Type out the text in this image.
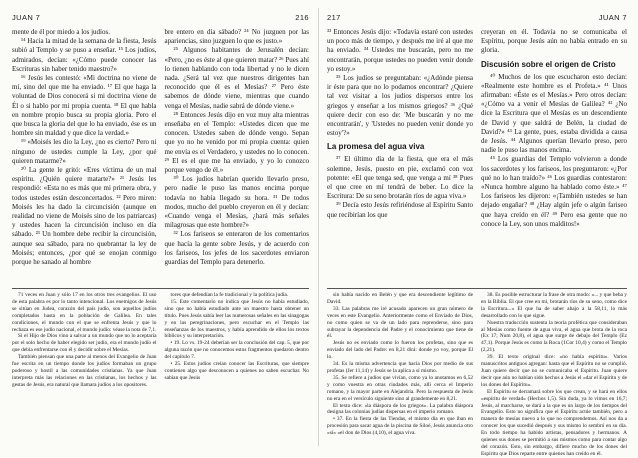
JUAN 7	216

mente de él por miedo a los judíos.

¹⁴ Hacia la mitad de la semana de la fiesta, Jesús subió al Templo y se puso a enseñar. ¹⁵ Los judíos, admirados, decían: «¿Cómo puede conocer las Escrituras sin haber tenido maestro?»

¹⁶ Jesús les contestó: «Mi doctrina no viene de mí, sino del que me ha enviado. ¹⁷ El que haga la voluntad de Dios conocerá si mi doctrina viene de Él o si hablo por mi propia cuenta. ¹⁸ El que habla en nombre propio busca su propia gloria. Pero el que busca la gloria del que lo ha enviado, ése es un hombre sin maldad y que dice la verdad.»

¹⁹ «Moisés les dio la Ley, ¿no es cierto? Pero ni ninguno de ustedes cumple la Ley, ¿por qué quieren matarme?»

²⁰ La gente le gritó: «Eres víctima de un mal espíritu. ¿Quién quiere matarte?» ²¹ Jesús les respondió: «Esta no es más que mi primera obra, y todos ustedes están desconcertados. ²² Pero miren: Moisés les ha dado la circuncisión (aunque en realidad no viene de Moisés sino de los patriarcas) y ustedes hacen la circuncisión incluso en día sábado. ²³ Un hombre debe recibir la circuncisión, aunque sea sábado, para no quebrantar la ley de Moisés; entonces, ¿por qué se enojan conmigo porque he sanado al hombre

bre entero en día sábado? ²⁴ No juzguen por las apariencias, sino juzguen lo que es justo.»

²⁵ Algunos habitantes de Jerusalén decían: «Pero, ¿no es éste al que quieren matar? ²⁶ Pues ahí lo tienen hablando con toda libertad y no le dicen nada. ¿Será tal vez que nuestros dirigentes han reconocido que él es el Mesías? ²⁷ Pero éste sabemos de dónde viene, mientras que cuando venga el Mesías, nadie sabrá de dónde viene.»

²⁸ Entonces Jesús dijo en voz muy alta mientras enseñaba en el Templo: «Ustedes dicen que me conocen. Ustedes saben de dónde vengo. Sepan que yo no he venido por mi propia cuenta: quien me envía es el Verdadero, y ustedes no lo conocen. ²⁹ El es el que me ha enviado, y yo lo conozco porque vengo de él.»

³⁰ Los judíos habrían querido llevarlo preso, pero nadie le puso las manos encima porque todavía no había llegado su hora. ³¹ De todos modos, mucho del pueblo creyeron en él y decían: «Cuando venga el Mesías, ¿hará más señales milagrosas que este hombre?»

³² Los fariseos se enteraron de los comentarios que hacía la gente sobre Jesús, y de acuerdo con los fariseos, los jefes de los sacerdotes enviaron guardias del Templo para detenerlo.

71 veces en Juan y sólo 17 en los otros tres evangelios. El uso de esta palabra es por lo tanto intencional. Los enemigos de Jesús se sitúan en Judea, corazón del país judío, son aquellos judíos completados hasta en la población de Galilea. En tales condiciones, el mundo con el que se enfrenta Jesús y que lo rechaza es ese judío nacional, el mundo judío: véase la nota de 7,1.

Si el Hijo de Dios vino a salvar a un mundo que no lo aceptaría por el solo hecho de haber elegido ser judío, era el mundo judío el que debía enfrentarse con él y decidir sobre el Mesías.

También piensan que una parte al menos del Evangelio de Juan fue escrita en un tiempo donde los judíos formaban un grupo poderoso y hostil a las comunidades cristianas. Ya que Juan interpreta más las relaciones en las cristianas, los hechos y las gestas de Jesús, era natural que llamara judíos a los opositores.

tores que defendían la fe tradicional y la política judía.

15. Este comentario no indica que Jesús no había estudiado, sino que no había estudiado ante un maestro hasta obtener un título. Pues Jesús sabía leer las numerosas señales en las sinagogas y en las peregrinaciones, pero escuchar en el Templo las enseñanzas de los maestros, y había aprendido de ellos los textos bíblicos y su interpretación.

• 19. Lo vs. 19-24 deberían ser la conclusión del cap. 5, que por alguna razón que no conocemos estos fragmentos quedaron dentro del capítulo 7.

• 25. Estos judíos creían conocer las Escrituras, que siempre contienen algo que desconocen a quienes no saben escuchar. No sabían que Jesús

217	JUAN 7

³³ Entonces Jesús dijo: «Todavía estaré con ustedes un poco más de tiempo, y después me iré al que me ha enviado. ³⁴ Ustedes me buscarán, pero no me encontrarán, porque ustedes no pueden venir donde yo estoy.»

³⁵ Los judíos se preguntaban: «¿Adónde piensa ir éste para que no lo podamos encontrar? ¿Quiere tal vez visitar a los judíos dispersos entre los griegos y enseñar a los mismos griegos? ³⁶ ¿Qué quiere decir con eso de: 'Me buscarán y no me encontrarán', y 'Ustedes no pueden venir donde yo estoy'?»

La promesa del agua viva

³⁷ El último día de la fiesta, que era el más solemne, Jesús, puesto en pie, exclamó con voz potente: «El que tenga sed, que venga a mí ³⁸ Pues el que cree en mí tendrá de beber. Lo dice la Escritura: De su seno brotarán ríos de agua viva.»

³⁹ Decía esto Jesús refiriéndose al Espíritu Santo que recibirían los que

creyeran en él. Todavía no se comunicaba el Espíritu, porque Jesús aún no había entrado en su gloria.

Discusión sobre el origen de Cristo

⁴⁰ Muchos de los que escucharon esto decían: «Realmente este hombre es el Profeta.» ⁴¹ Unos afirmaban: «Éste es el Mesías.» Pero otros decían: «¿Cómo va a venir el Mesías de Galilea? ⁴² ¿No dice la Escritura que el Mesías es un descendiente de David y que saldrá de Belén, la ciudad de David?» ⁴³ La gente, pues, estaba dividida a causa de Jesús. ⁴⁴ Algunos querían llevarlo preso, pero nadie le puso las manos encima.

⁴⁵ Los guardias del Templo volvieron a donde los sacerdotes y los fariseos, los preguntaron: «¿Por qué no lo han traído?» ⁴⁶ Los guardias contestaron: «Nunca hombre alguno ha hablado como éste.» ⁴⁷ Los fariseos les dijeron: «¡También ustedes se han dejado engañar? ⁴⁸ ¿Hay algún jefe o algún fariseo que haya creído en él? ⁴⁹ Pero esa gente que no conoce la Ley, son unos malditos!»

sin había nacido en Belén y que era descendiente legítimo de David.

33. Las palabras me iré acusado aparecen un gran número de veces en este Evangelio. Anteriormente como el Enviado de Dios, no como quien se va de un lado para reprenderse, sino para subrayar la dependencia del Padre y el conocimiento que tiene de él.

Jesús no es enviado como lo fueron los profetas, sino que es enviado del lado del Padre: en 8,21 dirá: donde yo voy, porque El lo.

34. Es la misma advertencia que hacía Dios por medio de sus profetas (Jer 11,14) y Jesús se la aplica a sí mismo.

35. Se refiere a judíos que vivían, como ya lo anotamos en 6,52 y como vuestra en otras ciudades más, allí cerca el Imperio romano, y la mayor parte en Alejandría. Pero la respuesta de Jesús no era en el versículo siguiente sino al grandemente en 8,21.

El texto dice: «la diáspora de los griegos». La palabra diáspora designa las colonias judías dispersas en el imperio romano.

• 37. En la fiesta de las Tiendas, el mismo día en que iban en procesión para sacar agua de la piscina de Siloé, Jesús anuncia otro «sí» «el don de Dios (4,10), el agua viva.

38. Es posible estructurar la frase de otra modo: «... y que beba y en la Biblia. El que cree en mí, brotarán ríos de su seno, como dice la Escritura...» El que ha de saber abajo a la 58,11, lo más desarrollado con lo que sigue.

Nuestra traducción sustenta la teoría profética que consideraban al Mesías como fuente de agua viva, el agua que brota de la roca (Ex 17; Num 20,8), el agua que surge de debajo del Templo (Ez 47,1). Porque Jesús es como la Roca (1Cor 10,4) y como el Templo (2,21).

39. El texto original dice: «no había espíritu». Varios manuscritos antiguos agregan: hasta que el Espíritu no se cumplió. Juan quiere decir que no se comunicaba el Espíritu. Juan quiere decir que aún no habían sido hechos a Jesús el «dar el Espíritu y de los dones del Espíritu».

El Espíritu se derramará sobre los que crean, y se hará en ellos «espíritu de verdad» (Hechos 1,5). Sin duda, ya lo vimos en 16,7; Jesús, al marcharse, se dará a la que es un largo de los tiempos del Evangelio. Esto no significa que el Espíritu actúe también, pero a manera de mesías nuevo a lo que no comprendemos. Así nos da a conocer los que sucedió después y sus mismo lo sembró en su día. En todo tiempo ha habido artistas, pensadores y hermanos. A quienes sus dones se permitió a sus mismos como para contar algo del corazón. Esto, sin embargo, difiere mucho de los dones del Espíritu que Dios reparte entre quienes han creído en él.
